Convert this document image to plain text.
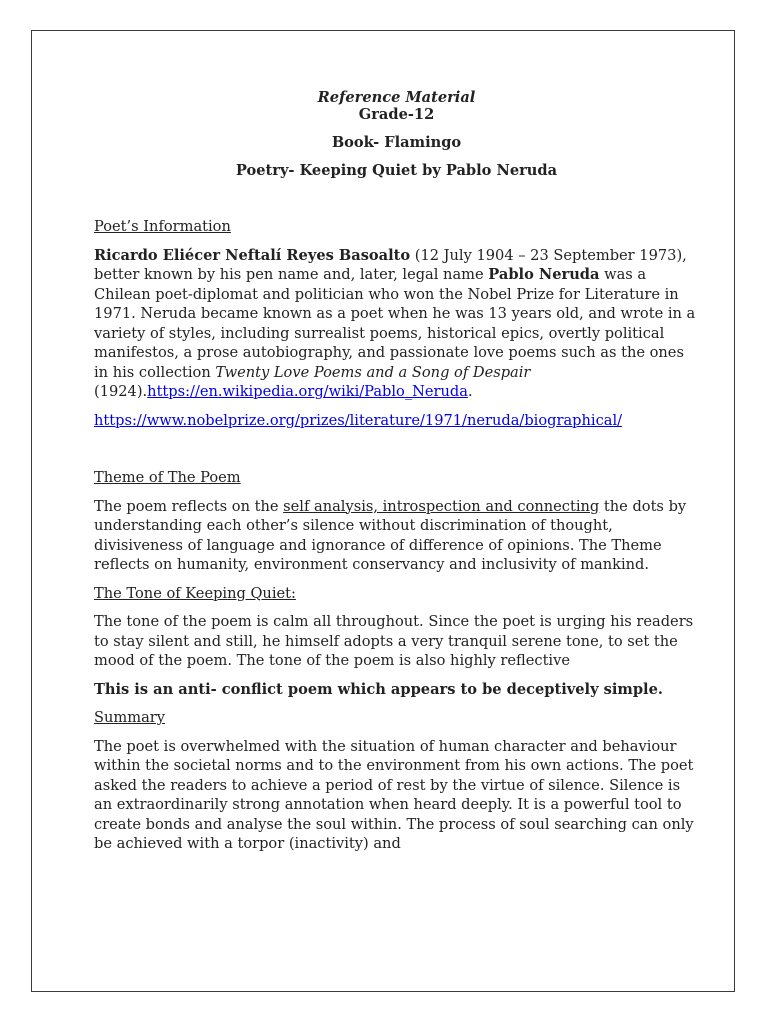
Reference Material
Grade-12
Book- Flamingo
Poetry- Keeping Quiet by Pablo Neruda
Poet’s Information

Ricardo Eliécer Neftalí Reyes Basoalto (12 July 1904 – 23 September 1973), better known by his pen name and, later, legal name Pablo Neruda was a Chilean poet-diplomat and politician who won the Nobel Prize for Literature in 1971. Neruda became known as a poet when he was 13 years old, and wrote in a variety of styles, including surrealist poems, historical epics, overtly political manifestos, a prose autobiography, and passionate love poems such as the ones in his collection Twenty Love Poems and a Song of Despair (1924).https://en.wikipedia.org/wiki/Pablo_Neruda.

https://www.nobelprize.org/prizes/literature/1971/neruda/biographical/

Theme of The Poem

The poem reflects on the self analysis, introspection and connecting the dots by understanding each other’s silence without discrimination of thought, divisiveness of language and ignorance of difference of opinions. The Theme reflects on humanity, environment conservancy and inclusivity of mankind.

The Tone of Keeping Quiet:

The tone of the poem is calm all throughout. Since the poet is urging his readers to stay silent and still, he himself adopts a very tranquil serene tone, to set the mood of the poem. The tone of the poem is also highly reflective

This is an anti- conflict poem which appears to be deceptively simple.

Summary

The poet is overwhelmed with the situation of human character and behaviour within the societal norms and to the environment from his own actions. The poet asked the readers to achieve a period of rest by the virtue of silence. Silence is an extraordinarily strong annotation when heard deeply. It is a powerful tool to create bonds and analyse the soul within. The process of soul searching can only be achieved with a torpor (inactivity) and
